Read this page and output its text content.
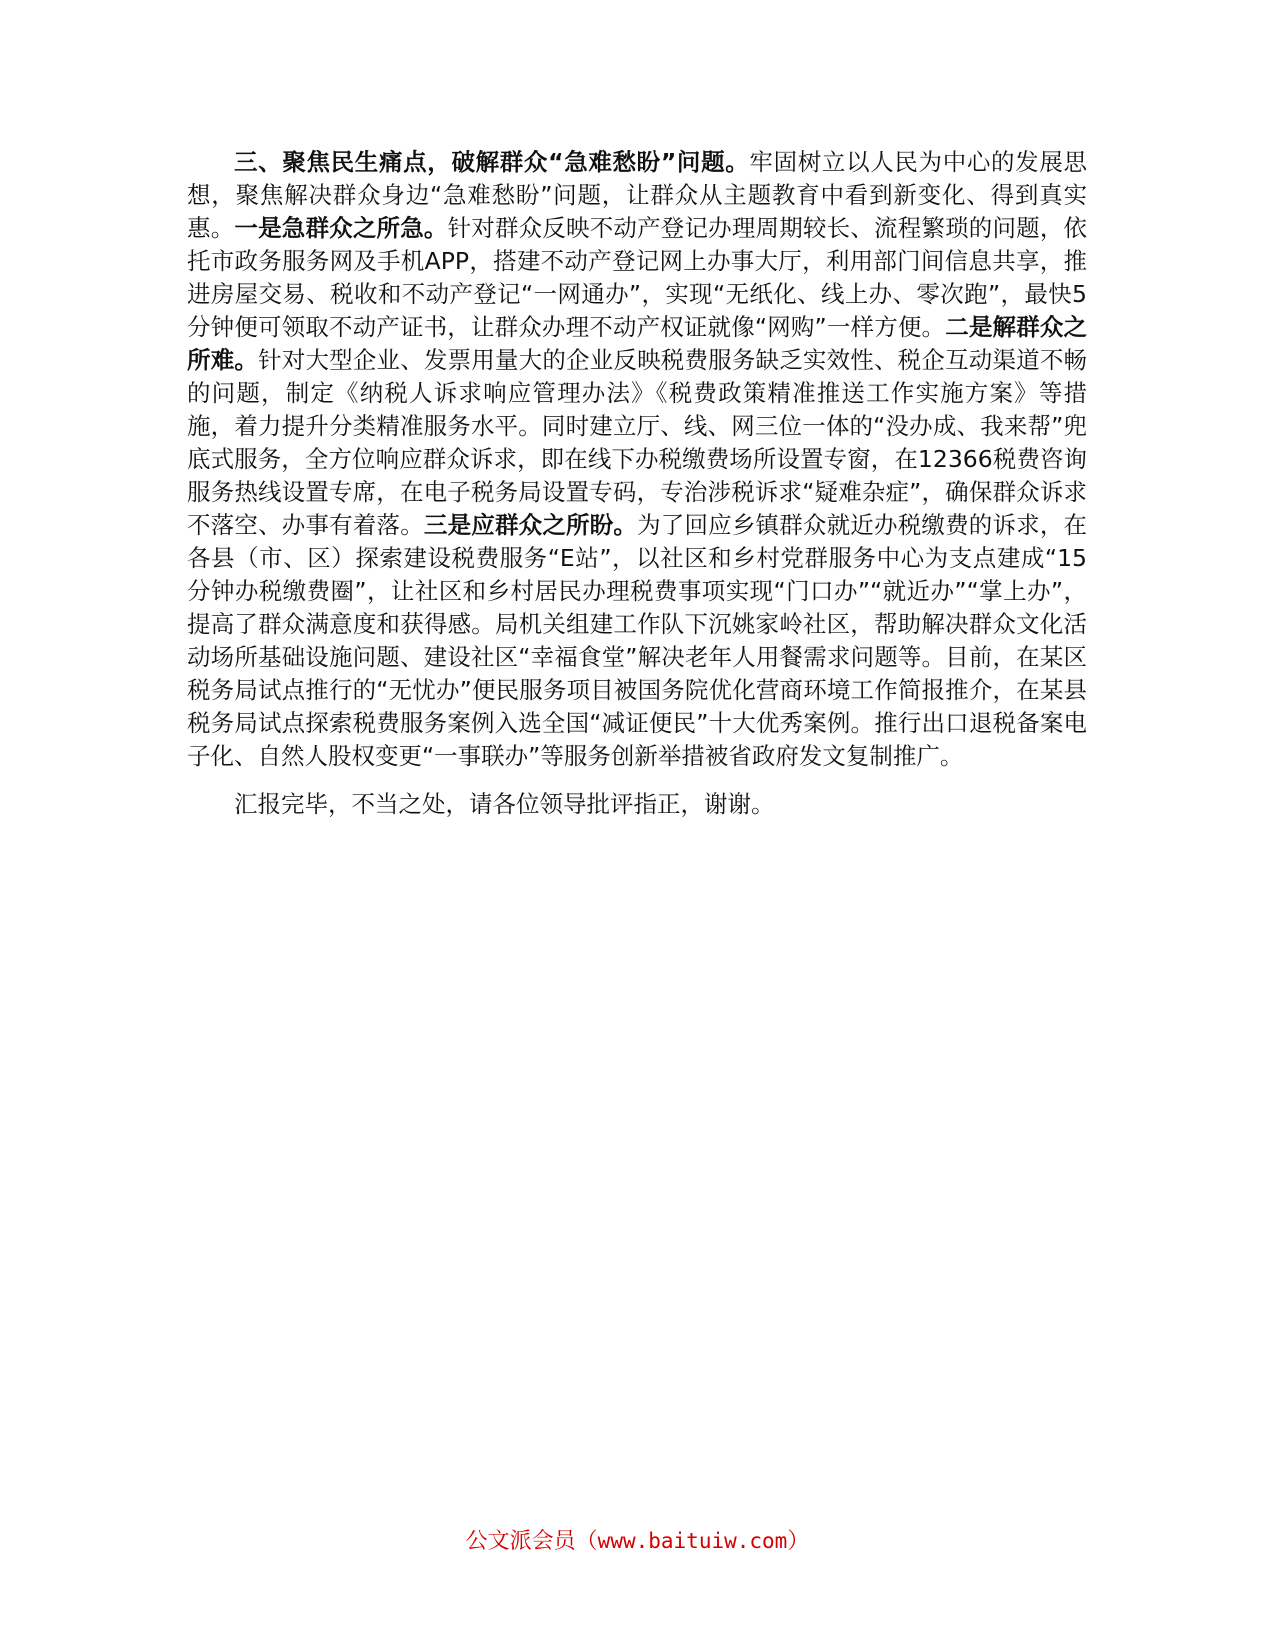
三、聚焦民生痛点，破解群众“急难愁盼”问题。牢固树立以人民为中心的发展思想，聚焦解决群众身边“急难愁盼”问题，让群众从主题教育中看到新变化、得到真实惠。一是急群众之所急。针对群众反映不动产登记办理周期较长、流程繁琐的问题，依托市政务服务网及手机APP，搭建不动产登记网上办事大厅，利用部门间信息共享，推进房屋交易、税收和不动产登记“一网通办”，实现“无纸化、线上办、零次跑”，最快5分钟便可领取不动产证书，让群众办理不动产权证就像“网购”一样方便。二是解群众之所难。针对大型企业、发票用量大的企业反映税费服务缺乏实效性、税企互动渠道不畅的问题，制定《纳税人诉求响应管理办法》《税费政策精准推送工作实施方案》等措施，着力提升分类精准服务水平。同时建立厅、线、网三位一体的“没办成、我来帮”兜底式服务，全方位响应群众诉求，即在线下办税缴费场所设置专窗，在12366税费咨询服务热线设置专席，在电子税务局设置专码，专治涉税诉求“疑难杂症”，确保群众诉求不落空、办事有着落。三是应群众之所盼。为了回应乡镇群众就近办税缴费的诉求，在各县（市、区）探索建设税费服务“E站”，以社区和乡村党群服务中心为支点建成“15分钟办税缴费圈”，让社区和乡村居民办理税费事项实现“门口办”“就近办”“掌上办”，提高了群众满意度和获得感。局机关组建工作队下沉姚家岭社区，帮助解决群众文化活动场所基础设施问题、建设社区“幸福食堂”解决老年人用餐需求问题等。目前，在某区税务局试点推行的“无忧办”便民服务项目被国务院优化营商环境工作简报推介，在某县税务局试点探索税费服务案例入选全国“减证便民”十大优秀案例。推行出口退税备案电子化、自然人股权变更“一事联办”等服务创新举措被省政府发文复制推广。

汇报完毕，不当之处，请各位领导批评指正，谢谢。

公文派会员（www.baituiw.com）
